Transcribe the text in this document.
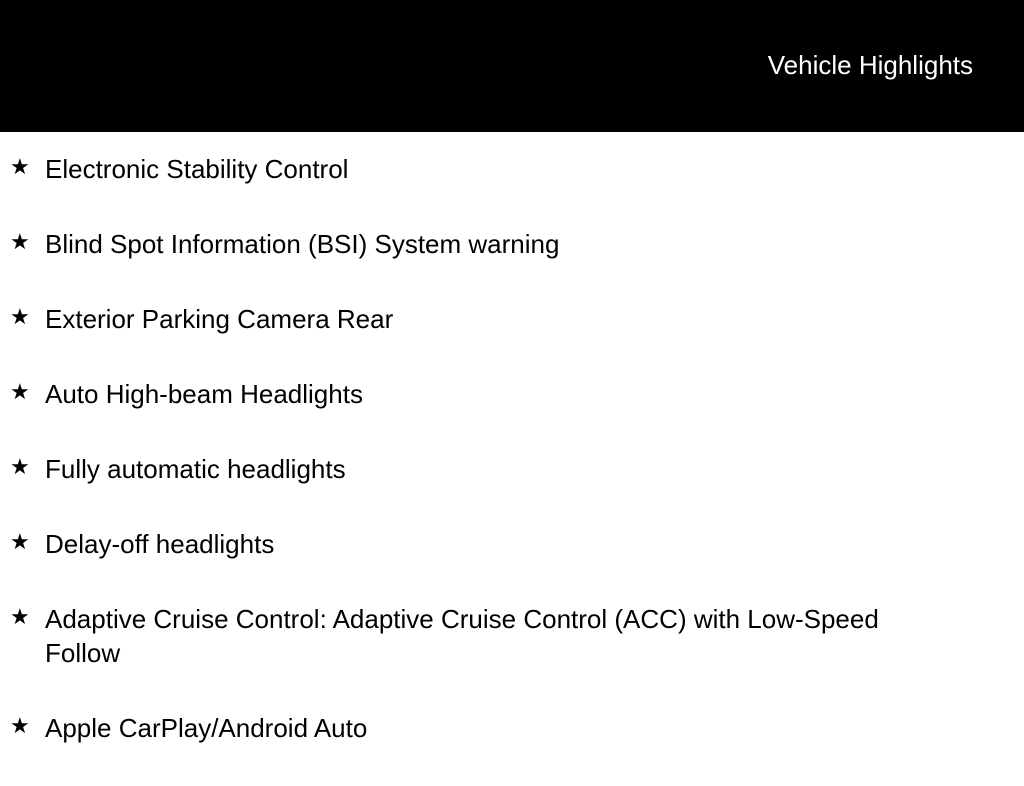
Vehicle Highlights
★ Electronic Stability Control
★ Blind Spot Information (BSI) System warning
★ Exterior Parking Camera Rear
★ Auto High-beam Headlights
★ Fully automatic headlights
★ Delay-off headlights
★ Adaptive Cruise Control: Adaptive Cruise Control (ACC) with Low-Speed Follow
★ Apple CarPlay/Android Auto
